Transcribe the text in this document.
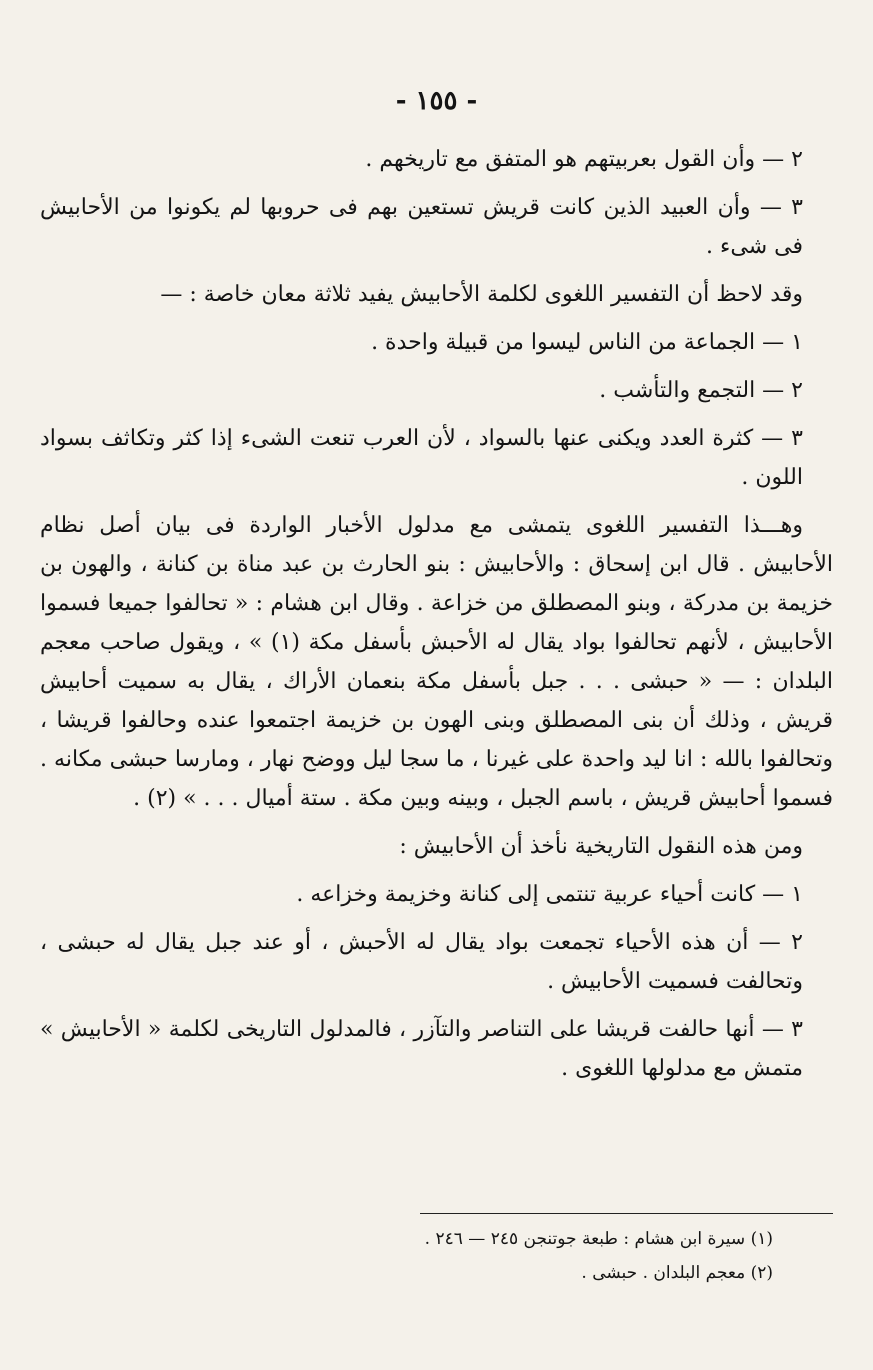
- ١٥٥ -

٢ — وأن القول بعربيتهم هو المتفق مع تاريخهم .

٣ — وأن العبيد الذين كانت قريش تستعين بهم فى حروبها لم يكونوا من الأحابيش فى شىء .

وقد لاحظ أن التفسير اللغوى لكلمة الأحابيش يفيد ثلاثة معان خاصة : —

١ — الجماعة من الناس ليسوا من قبيلة واحدة .

٢ — التجمع والتأشب .

٣ — كثرة العدد ويكنى عنها بالسواد ، لأن العرب تنعت الشىء إذا كثر وتكاثف بسواد اللون .

وهـــذا التفسير اللغوى يتمشى مع مدلول الأخبار الواردة فى بيان أصل نظام الأحابيش . قال ابن إسحاق : والأحابيش : بنو الحارث بن عبد مناة بن كنانة ، والهون بن خزيمة بن مدركة ، وبنو المصطلق من خزاعة . وقال ابن هشام : « تحالفوا جميعا فسموا الأحابيش ، لأنهم تحالفوا بواد يقال له الأحبش بأسفل مكة (١) » ، ويقول صاحب معجم البلدان : — « حبشى . . . جبل بأسفل مكة بنعمان الأراك ، يقال به سميت أحابيش قريش ، وذلك أن بنى المصطلق وبنى الهون بن خزيمة اجتمعوا عنده وحالفوا قريشا ، وتحالفوا بالله : انا ليد واحدة على غيرنا ، ما سجا ليل ووضح نهار ، ومارسا حبشى مكانه . فسموا أحابيش قريش ، باسم الجبل ، وبينه وبين مكة . ستة أميال . . . » (٢) .

ومن هذه النقول التاريخية نأخذ أن الأحابيش :

١ — كانت أحياء عربية تنتمى إلى كنانة وخزيمة وخزاعه .

٢ — أن هذه الأحياء تجمعت بواد يقال له الأحبش ، أو عند جبل يقال له حبشى ، وتحالفت فسميت الأحابيش .

٣ — أنها حالفت قريشا على التناصر والتآزر ، فالمدلول التاريخى لكلمة « الأحابيش » متمش مع مدلولها اللغوى .

(١) سيرة ابن هشام : طبعة جوتنجن ٢٤٥ — ٢٤٦ .

(٢) معجم البلدان . حبشى .
